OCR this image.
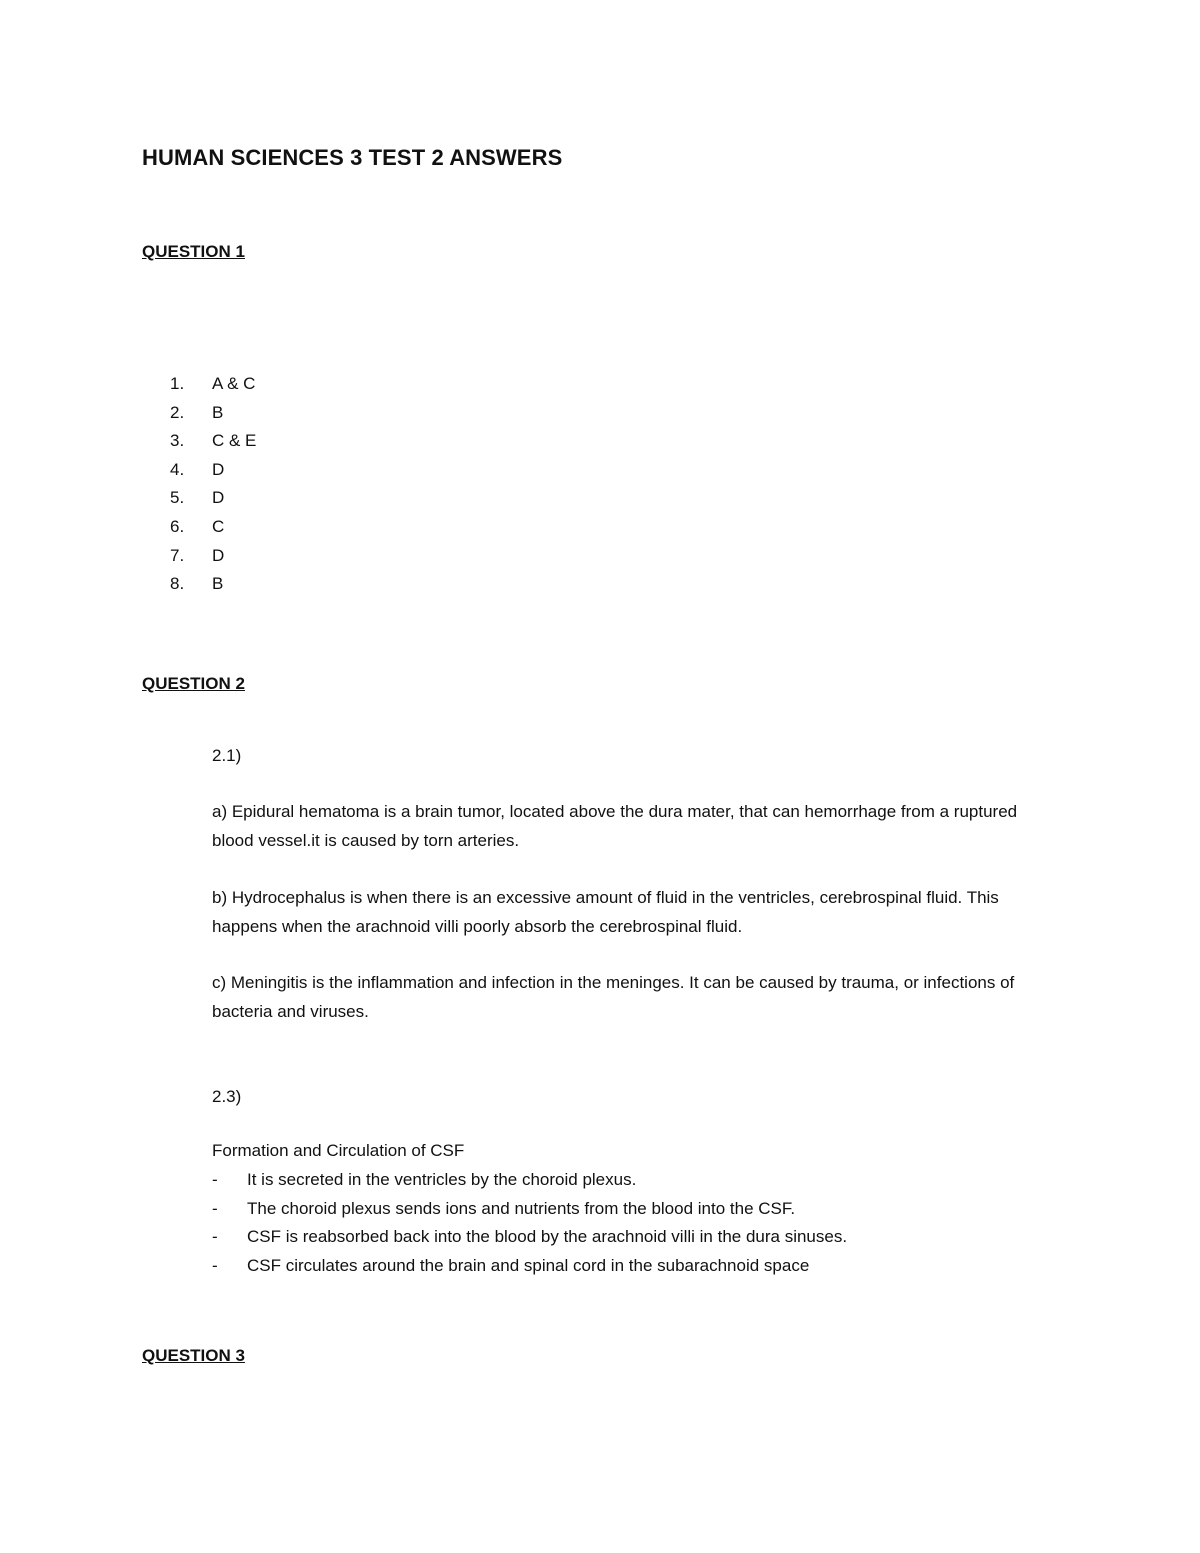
HUMAN SCIENCES 3 TEST 2 ANSWERS
QUESTION 1
1.	A & C
2.	B
3.	C & E
4.	D
5.	D
6.	C
7.	D
8.	B
QUESTION 2

2.1)

a) Epidural hematoma is a brain tumor, located above the dura mater, that can hemorrhage from a ruptured blood vessel.it is caused by torn arteries.

b) Hydrocephalus is when there is an excessive amount of fluid in the ventricles, cerebrospinal fluid. This happens when the arachnoid villi poorly absorb the cerebrospinal fluid.

c) Meningitis is the inflammation and infection in the meninges. It can be caused by trauma, or infections of bacteria and viruses.

2.3)

Formation and Circulation of CSF

-	It is secreted in the ventricles by the choroid plexus.
-	The choroid plexus sends ions and nutrients from the blood into the CSF.
-	CSF is reabsorbed back into the blood by the arachnoid villi in the dura sinuses.
-	CSF circulates around the brain and spinal cord in the subarachnoid space
QUESTION 3
